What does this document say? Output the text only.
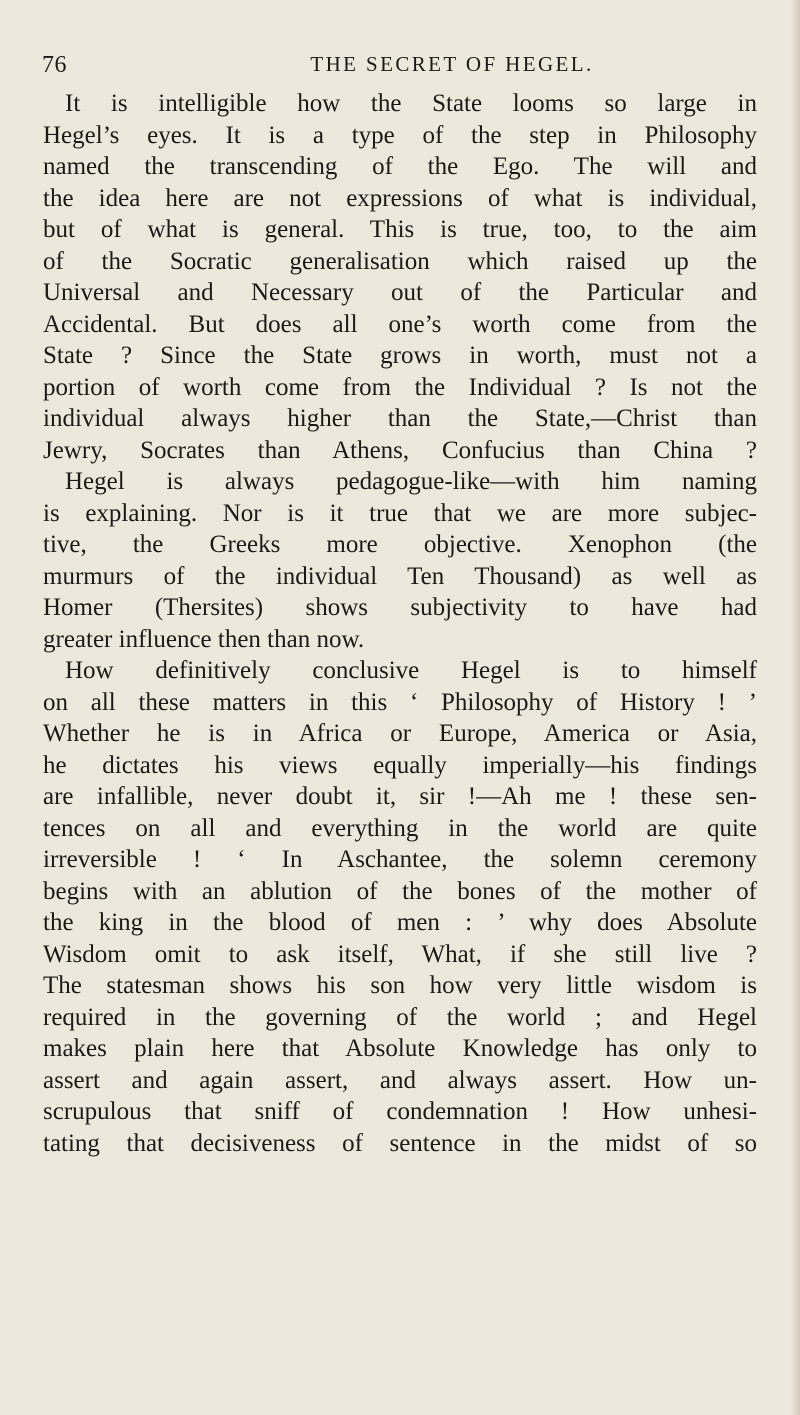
76	THE SECRET OF HEGEL.
It is intelligible how the State looms so large in
Hegel’s eyes. It is a type of the step in Philosophy
named the transcending of the Ego. The will and
the idea here are not expressions of what is individual,
but of what is general. This is true, too, to the aim
of the Socratic generalisation which raised up the
Universal and Necessary out of the Particular and
Accidental. But does all one’s worth come from the
State ? Since the State grows in worth, must not a
portion of worth come from the Individual ? Is not the
individual always higher than the State,—Christ than
Jewry, Socrates than Athens, Confucius than China ?
Hegel is always pedagogue-like—with him naming
is explaining. Nor is it true that we are more subjec-
tive, the Greeks more objective. Xenophon (the
murmurs of the individual Ten Thousand) as well as
Homer (Thersites) shows subjectivity to have had
greater influence then than now.
How definitively conclusive Hegel is to himself
on all these matters in this ‘ Philosophy of History ! ’
Whether he is in Africa or Europe, America or Asia,
he dictates his views equally imperially—his findings
are infallible, never doubt it, sir !—Ah me ! these sen-
tences on all and everything in the world are quite
irreversible ! ‘ In Aschantee, the solemn ceremony
begins with an ablution of the bones of the mother of
the king in the blood of men : ’ why does Absolute
Wisdom omit to ask itself, What, if she still live ?
The statesman shows his son how very little wisdom is
required in the governing of the world ; and Hegel
makes plain here that Absolute Knowledge has only to
assert and again assert, and always assert. How un-
scrupulous that sniff of condemnation ! How unhesi-
tating that decisiveness of sentence in the midst of so
